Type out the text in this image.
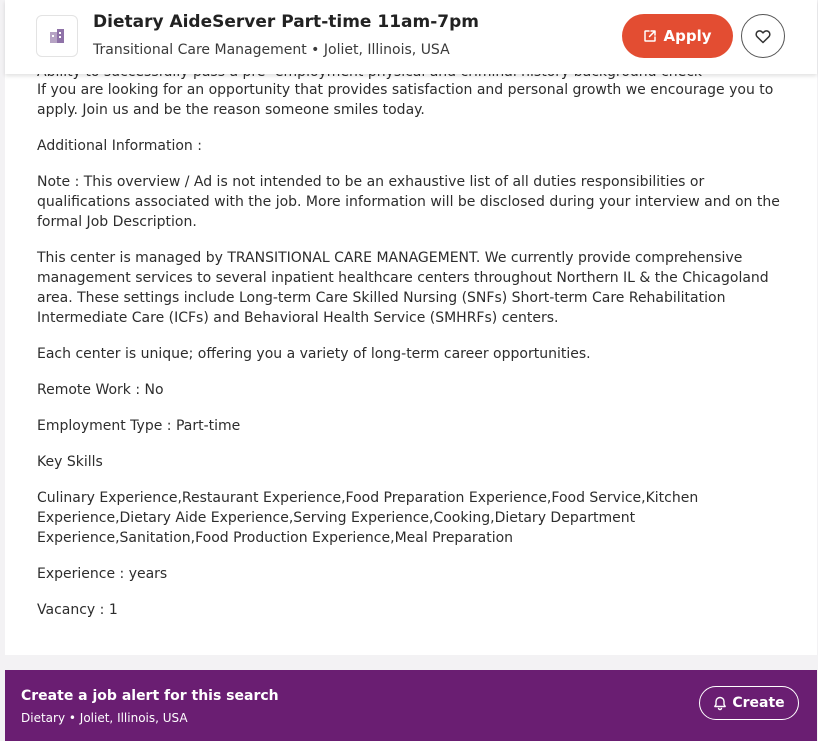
If you are looking for an opportunity that provides satisfaction and personal growth we encourage you to apply. Join us and be the reason someone smiles today.

Additional Information :

Note : This overview / Ad is not intended to be an exhaustive list of all duties responsibilities or qualifications associated with the job. More information will be disclosed during your interview and on the formal Job Description.

This center is managed by TRANSITIONAL CARE MANAGEMENT. We currently provide comprehensive management services to several inpatient healthcare centers throughout Northern IL & the Chicagoland area. These settings include Long-term Care Skilled Nursing (SNFs) Short-term Care Rehabilitation Intermediate Care (ICFs) and Behavioral Health Service (SMHRFs) centers.

Each center is unique; offering you a variety of long-term career opportunities.

Remote Work : No

Employment Type : Part-time

Key Skills

Culinary Experience,Restaurant Experience,Food Preparation Experience,Food Service,Kitchen Experience,Dietary Aide Experience,Serving Experience,Cooking,Dietary Department Experience,Sanitation,Food Production Experience,Meal Preparation

Experience : years

Vacancy : 1

Dietary AideServer Part-time 11am-7pm
Transitional Care Management • Joliet, Illinois, USA
Apply
Create a job alert for this search
Dietary • Joliet, Illinois, USA
Create
